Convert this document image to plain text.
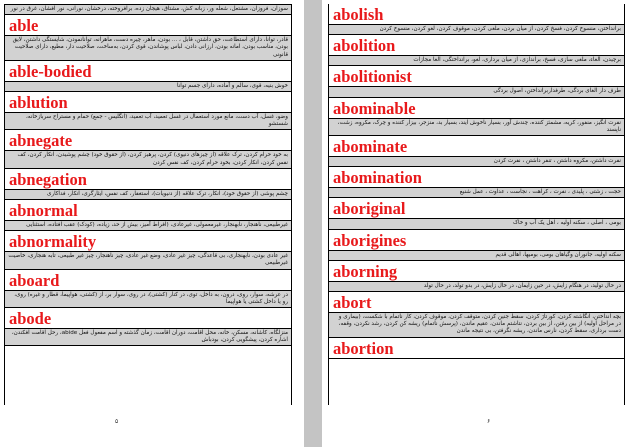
سوزان، فروزان، مشتعل، شعله ور، زبانه کش، مشتاق، هیجان زده، برافروخته، درخشان، نورانی، نور افشان، غرق در نور
able
قادر، توانا، دارای استطاعت، حق داشتن، قابل ، ... بودن، ماهر، چیره دست، ماهرانه، توانانمودن، شایستگی داشتن، لایق بودن، مناسب بودن، امانه بودن، ارزانی دادن، لباس پوشاندن، قوی کردن، به‌ساخت، صلاحیت دار، مطیع، دارای صلاحیت قانونی
able-bodied
خوش بنیه، قوی، سالم و آماده، دارای جسم توانا
ablution
وضو، غسل، آب دست، مانع مورد استعمال در غسل تعمید، آب تعمید، (انگلیس - جمع) حمام و مستراح سربازخانه، شستشو
abnegate
به خود حرام کردن، ترک علاقه (از چیزهای دنیوی) کردن، پرهیز کردن، (از حقوق خود) چشم پوشیدن، انکار کردن، کف نفس کردن، انکار کردن، بخود حرام کردن، کف نفس کردن
abnegation
چشم پوشی (از حقوق خود)، انکار، ترک علاقه (از دنیویات)، استغفار، کف نفس، ایثارگری، انکار، فداکاری
abnormal
غیرطبیعی، ناهنجار، نابهنجار، غیرمعمولی، غیرعادی، (افراط آمیز، بیش از حد، زیاده، (کودک) عقب افتاده، استثنایی
abnormality
غیر عادی بودن، نابهنجاری، بی قاعدگی، چیز غیر عادی، وضع غیر عادی، چیز ناهنجار، چیز غیر طبیعی، تابه هنجاری، خاصیت غیرطبیعی
aboard
در عرشه، سوار، روی، درون، به داخل، توی، در کنار (کشتی)، در روی، سوار بر، از (کشتی، هواپیما، قطار و غیره) روی، رو یا داخل کشتی یا هواپیما
abode
منزلگاه، کاشانه، مسکن، خانه، محل اقامت، دوران اقامت، زمان گذشته و اسم مفعول فعل abide، رحل اقامت افکندن، اشاره کردن، پیشگویی کردن، بودباش
۵
abolish
برانداختن، منسوخ کردن، فسخ کردن، از میان بردن، ملغی کردن، موقوف کردن، لغو کردن، منسوخ کردن
abolition
برچیدن، الغاء، ملغی سازی، فسخ، براندازی، از میان برداری، لغو، برانداختگی، الغا مجازات
abolitionist
طرف دار الغای بردگی، طرفداربرانداختن، اصول بردگی
abominable
نفرت انگیز، منفور، کریه، مشمئز کننده، چندش آور، بسیار ناخوش ایند، بسیار بد، منزجر، بیزار کننده و چرک، مکروه، زشت، ناپسند
abominate
نفرت داشتن، مکروه داشتن ، تنفر داشتن ، نفرت کردن
abomination
حجت ، زشتی ، پلیدی ، نفرت ، کراهت ، نجاست ، عداوت ، عمل شنیع
aboriginal
بومی ، اصلی ، سکنه اولیه ، اهل یک آب و خاک
aborigines
سکنه اولیه، جانوران وگیاهان بومی، بومیها، اهالی قدیم
aborning
در حال تولید، در هنگام زایش، در حین زایمان، در حال زایش، در بدو تولد، در حال تولد
abort
بچه انداختن، انگاشته کردن، کورتاژ کردن، سقط جنین کردن، متوقف کردن، موقوف کردن، کار ناتمام با شکست، (بیماری و در مراحل اولیه) از بین رفتن، از بین بردن، نتاشتم ماندن، عقیم ماندن، (پرسش ناتمام) ریشه کن کردن، رشد نکردن، وقفه، دست برداری، سقط کردن، نارس ماندن، ریشه نگرفتن، بی نتیجه ماندن
abortion
۶
